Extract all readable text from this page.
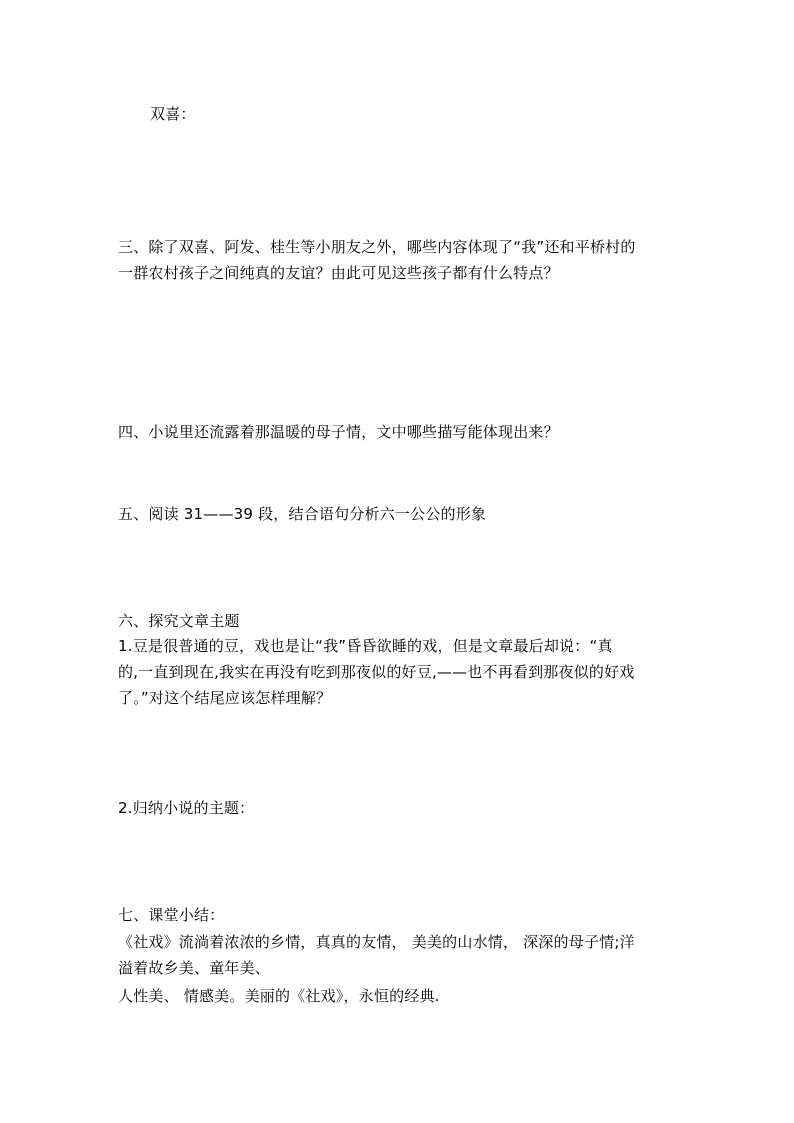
双喜：
三、除了双喜、阿发、桂生等小朋友之外，哪些内容体现了“我”还和平桥村的
一群农村孩子之间纯真的友谊？由此可见这些孩子都有什么特点？
四、小说里还流露着那温暖的母子情，文中哪些描写能体现出来？
五、阅读 31——39 段，结合语句分析六一公公的形象
六、探究文章主题
1.豆是很普通的豆，戏也是让“我”昏昏欲睡的戏，但是文章最后却说：“真
的,一直到现在,我实在再没有吃到那夜似的好豆,——也不再看到那夜似的好戏
了。”对这个结尾应该怎样理解？
2.归纳小说的主题：
七、课堂小结：
《社戏》流淌着浓浓的乡情，真真的友情， 美美的山水情， 深深的母子情;洋
溢着故乡美、童年美、
人性美、 情感美。美丽的《社戏》，永恒的经典.
